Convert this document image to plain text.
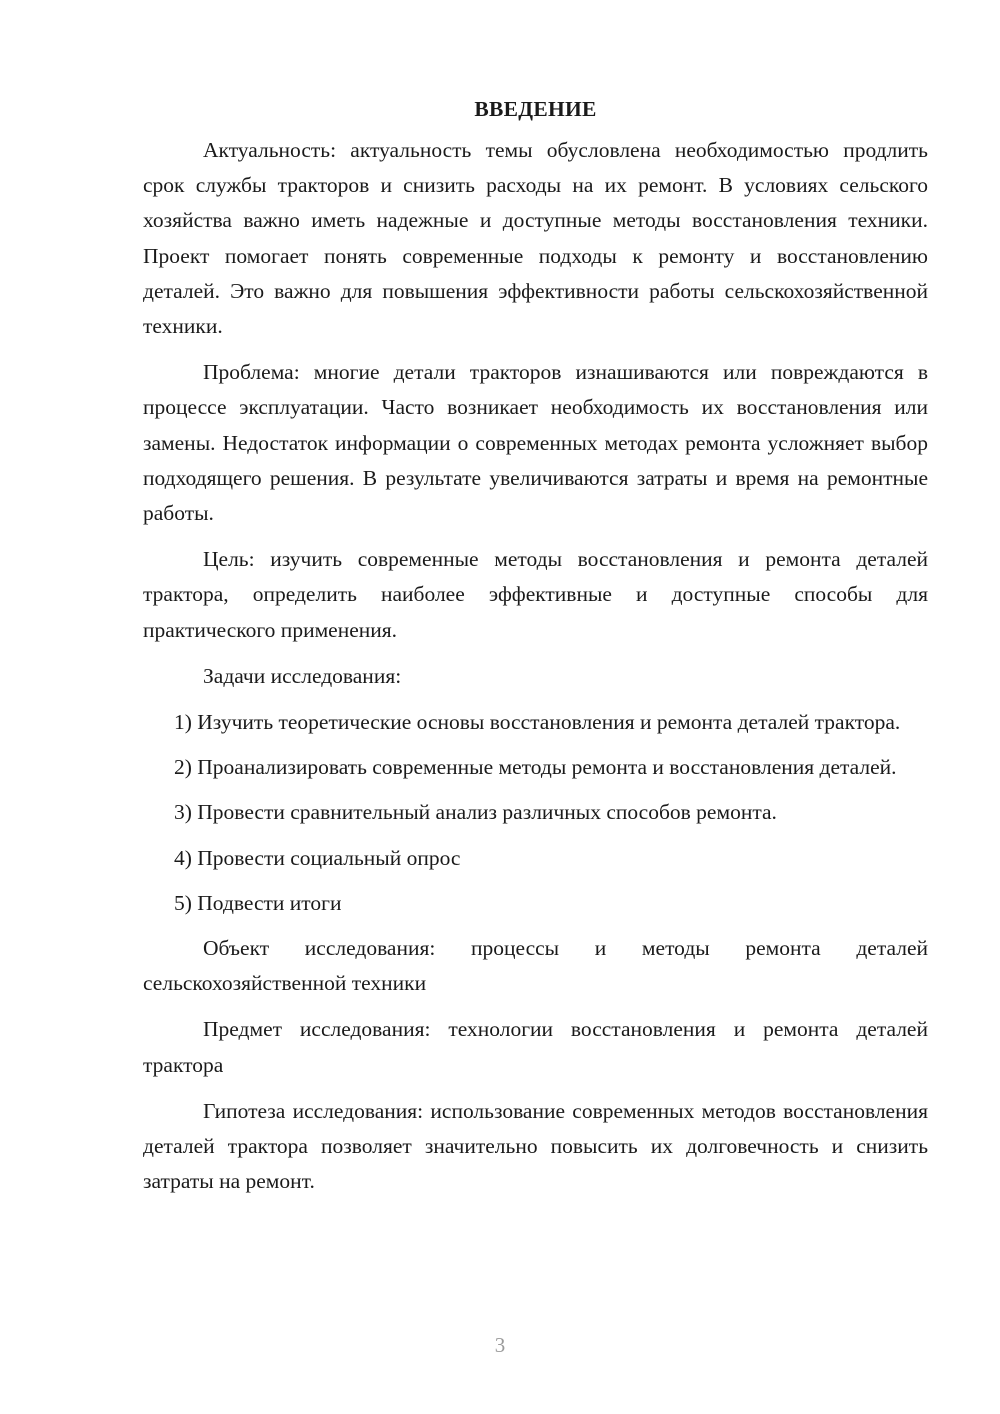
ВВЕДЕНИЕ

Актуальность: актуальность темы обусловлена необходимостью продлить срок службы тракторов и снизить расходы на их ремонт. В условиях сельского хозяйства важно иметь надежные и доступные методы восстановления техники. Проект помогает понять современные подходы к ремонту и восстановлению деталей. Это важно для повышения эффективности работы сельскохозяйственной техники.

Проблема: многие детали тракторов изнашиваются или повреждаются в процессе эксплуатации. Часто возникает необходимость их восстановления или замены. Недостаток информации о современных методах ремонта усложняет выбор подходящего решения. В результате увеличиваются затраты и время на ремонтные работы.

Цель: изучить современные методы восстановления и ремонта деталей трактора, определить наиболее эффективные и доступные способы для практического применения.

Задачи исследования:

1) Изучить теоретические основы восстановления и ремонта деталей трактора.

2) Проанализировать современные методы ремонта и восстановления деталей.

3) Провести сравнительный анализ различных способов ремонта.

4) Провести социальный опрос

5) Подвести итоги

Объект исследования: процессы и методы ремонта деталей сельскохозяйственной техники

Предмет исследования: технологии восстановления и ремонта деталей трактора

Гипотеза исследования: использование современных методов восстановления деталей трактора позволяет значительно повысить их долговечность и снизить затраты на ремонт.

3
